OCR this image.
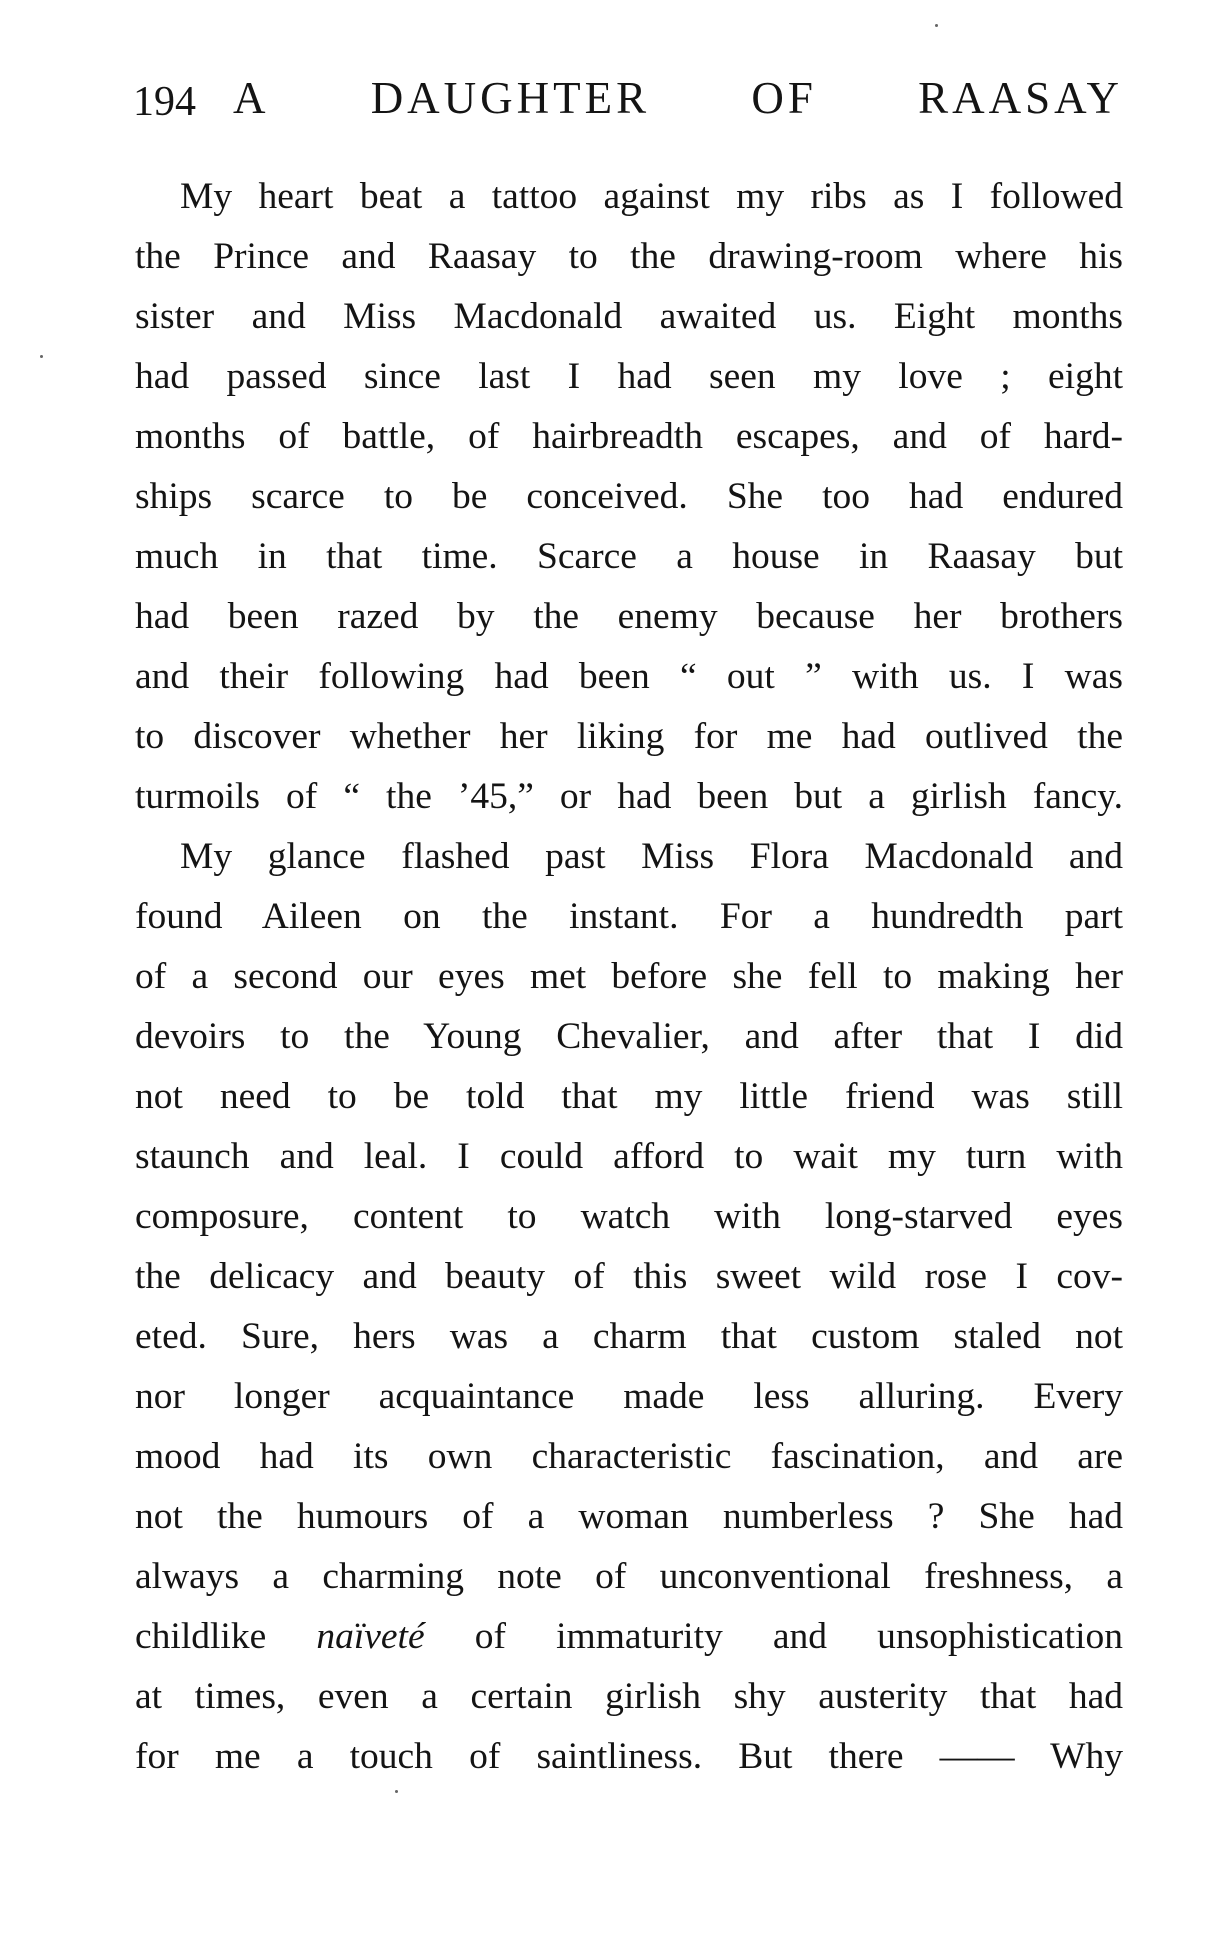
194 A DAUGHTER OF RAASAY
My heart beat a tattoo against my ribs as I followed
the Prince and Raasay to the drawing-room where his
sister and Miss Macdonald awaited us. Eight months
had passed since last I had seen my love ; eight
months of battle, of hairbreadth escapes, and of hard-
ships scarce to be conceived. She too had endured
much in that time. Scarce a house in Raasay but
had been razed by the enemy because her brothers
and their following had been “ out ” with us. I was
to discover whether her liking for me had outlived the
turmoils of “ the ’45,” or had been but a girlish fancy.
My glance flashed past Miss Flora Macdonald and
found Aileen on the instant. For a hundredth part
of a second our eyes met before she fell to making her
devoirs to the Young Chevalier, and after that I did
not need to be told that my little friend was still
staunch and leal. I could afford to wait my turn with
composure, content to watch with long-starved eyes
the delicacy and beauty of this sweet wild rose I cov-
eted. Sure, hers was a charm that custom staled not
nor longer acquaintance made less alluring. Every
mood had its own characteristic fascination, and are
not the humours of a woman numberless ? She had
always a charming note of unconventional freshness, a
childlike naïveté of immaturity and unsophistication
at times, even a certain girlish shy austerity that had
for me a touch of saintliness. But there —— Why
